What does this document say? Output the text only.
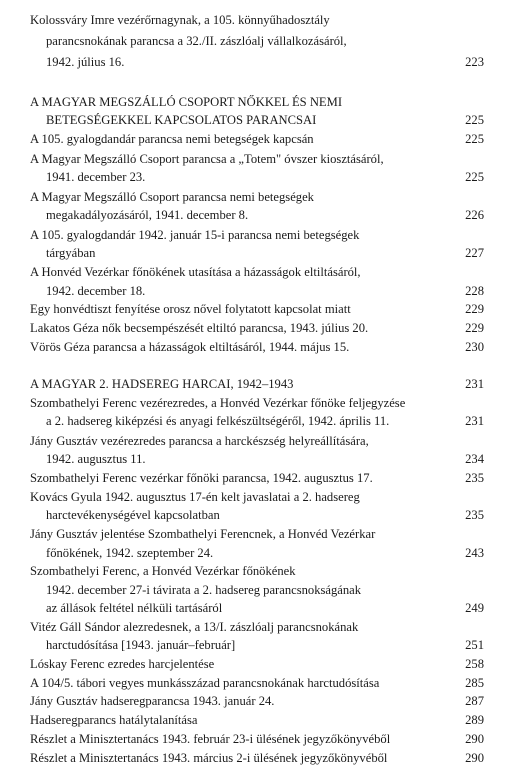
Kolossváry Imre vezérőrnagynak, a 105. könnyűhadosztály
parancsnokának parancsa a 32./II. zászlóalj vállalkozásáról,
1942. július 16.	223
A MAGYAR MEGSZÁLLÓ CSOPORT NŐKKEL ÉS NEMI
BETEGSÉGEKKEL KAPCSOLATOS PARANCSAI	225
A 105. gyalogdandár parancsa nemi betegségek kapcsán	225
A Magyar Megszálló Csoport parancsa a „Totem" óvszer kiosztásáról,
1941. december 23.	225
A Magyar Megszálló Csoport parancsa nemi betegségek
megakadályozásáról, 1941. december 8.	226
A 105. gyalogdandár 1942. január 15-i parancsa nemi betegségek
tárgyában	227
A Honvéd Vezérkar főnökének utasítása a házasságok eltiltásáról,
1942. december 18.	228
Egy honvédtiszt fenyítése orosz nővel folytatott kapcsolat miatt	229
Lakatos Géza nők becsempészését eltiltó parancsa, 1943. július 20.	229
Vörös Géza parancsa a házasságok eltiltásáról, 1944. május 15.	230
A MAGYAR 2. HADSEREG HARCAI, 1942–1943	231
Szombathelyi Ferenc vezérezredes, a Honvéd Vezérkar főnöke feljegyzése
a 2. hadsereg kiképzési és anyagi felkészültségéről, 1942. április 11.	231
Jány Gusztáv vezérezredes parancsa a harckészség helyreállítására,
1942. augusztus 11.	234
Szombathelyi Ferenc vezérkar főnöki parancsa, 1942. augusztus 17.	235
Kovács Gyula 1942. augusztus 17-én kelt javaslatai a 2. hadsereg
harctevékenységével kapcsolatban	235
Jány Gusztáv jelentése Szombathelyi Ferencnek, a Honvéd Vezérkar
főnökének, 1942. szeptember 24.	243
Szombathelyi Ferenc, a Honvéd Vezérkar főnökének
1942. december 27-i távirata a 2. hadsereg parancsnokságának
az állások feltétel nélküli tartásáról	249
Vitéz Gáll Sándor alezredesnek, a 13/I. zászlóalj parancsnokának
harctudósítása [1943. január–február]	251
Lóskay Ferenc ezredes harcjelentése	258
A 104/5. tábori vegyes munkásszázad parancsnokának harctudósítása	285
Jány Gusztáv hadseregparancsa 1943. január 24.	287
Hadseregparancs hatálytalanítása	289
Részlet a Minisztertanács 1943. február 23-i ülésének jegyzőkönyvéből	290
Részlet a Minisztertanács 1943. március 2-i ülésének jegyzőkönyvéből	290
